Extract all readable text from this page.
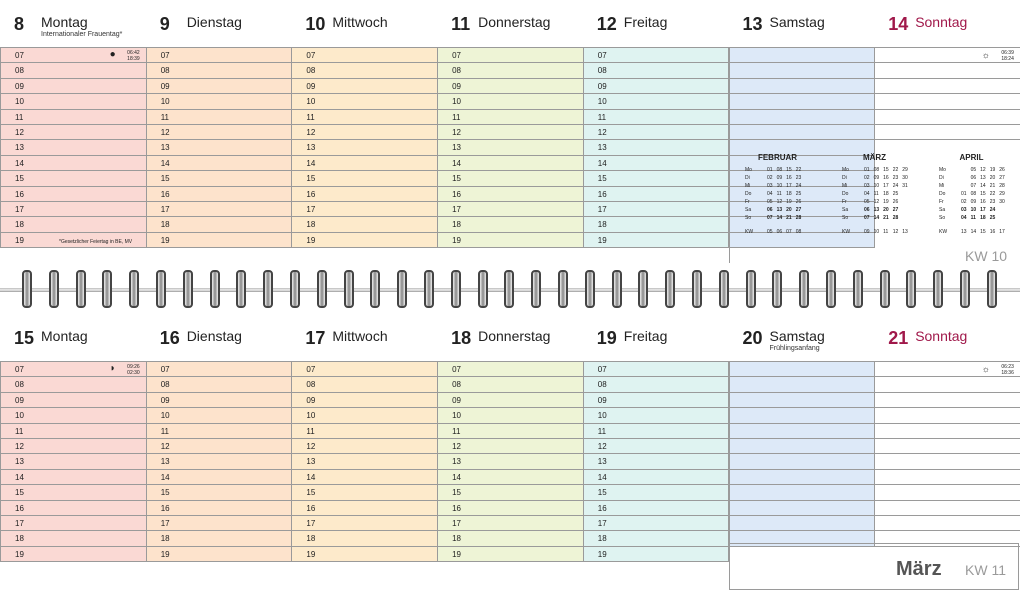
8 Montag
Internationaler Frauentag*
07	● 06:42
18:39
08
09
10
11
12
13
14
15
16
17
18
19	*Gesetzlicher Feiertag in BE, MV
9 Dienstag
07
08
09
10
11
12
13
14
15
16
17
18
19
10 Mittwoch
07
08
09
10
11
12
13
14
15
16
17
18
19
11 Donnerstag
07
08
09
10
11
12
13
14
15
16
17
18
19
12 Freitag
07
08
09
10
11
12
13
14
15
16
17
18
19
13 Samstag	14 Sonntag
☼ 06:39
18:24
15 Montag
07	◗ 09:26
02:30
08
09
10
11
12
13
14
15
16
17
18
19
16 Dienstag
07
08
09
10
11
12
13
14
15
16
17
18
19
17 Mittwoch
07
08
09
10
11
12
13
14
15
16
17
18
19
18 Donnerstag
07
08
09
10
11
12
13
14
15
16
17
18
19
19 Freitag
07
08
09
10
11
12
13
14
15
16
17
18
19
20 Samstag
Frühlingsanfang
21 Sonntag
☼ 06:23
18:36
FEBRUAR
Mo	01	08	15	22
Di	02	09	16	23
Mi	03	10	17	24
Do	04	11	18	25
Fr	05	12	19	26
Sa	06	13	20	27
So	07	14	21	28

KW	05	06	07	08
MÄRZ
Mo	01	08	15	22	29
Di	02	09	16	23	30
Mi	03	10	17	24	31
Do	04	11	18	25	
Fr	05	12	19	26	
Sa	06	13	20	27	
So	07	14	21	28	

KW	09	10	11	12	13
APRIL
Mo		05	12	19	26
Di		06	13	20	27
Mi		07	14	21	28
Do	01	08	15	22	29
Fr	02	09	16	23	30
Sa	03	10	17	24	
So	04	11	18	25	

KW	13	14	15	16	17
KW 10
KW 11
März
